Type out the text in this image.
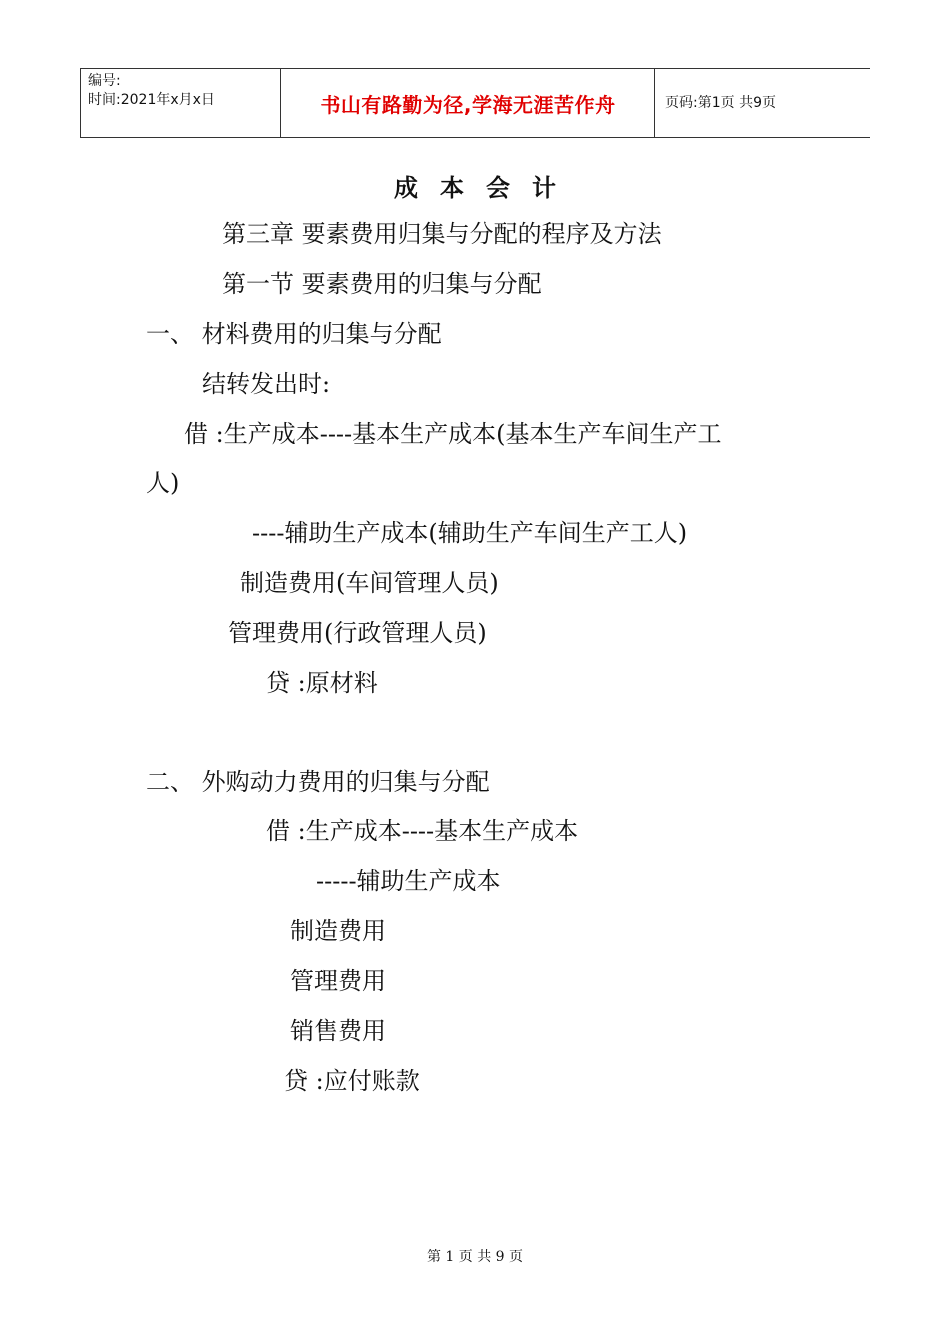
编号:
时间:2021年x月x日	书山有路勤为径,学海无涯苦作舟	页码:第1页 共9页
成本会计
第三章 要素费用归集与分配的程序及方法
第一节 要素费用的归集与分配
一、 材料费用的归集与分配
结转发出时:
借 :生产成本----基本生产成本(基本生产车间生产工
人)
----辅助生产成本(辅助生产车间生产工人)
制造费用(车间管理人员)
管理费用(行政管理人员)
贷 :原材料
二、 外购动力费用的归集与分配
借 :生产成本----基本生产成本
-----辅助生产成本
制造费用
管理费用
销售费用
贷 :应付账款
第 1 页 共 9 页
